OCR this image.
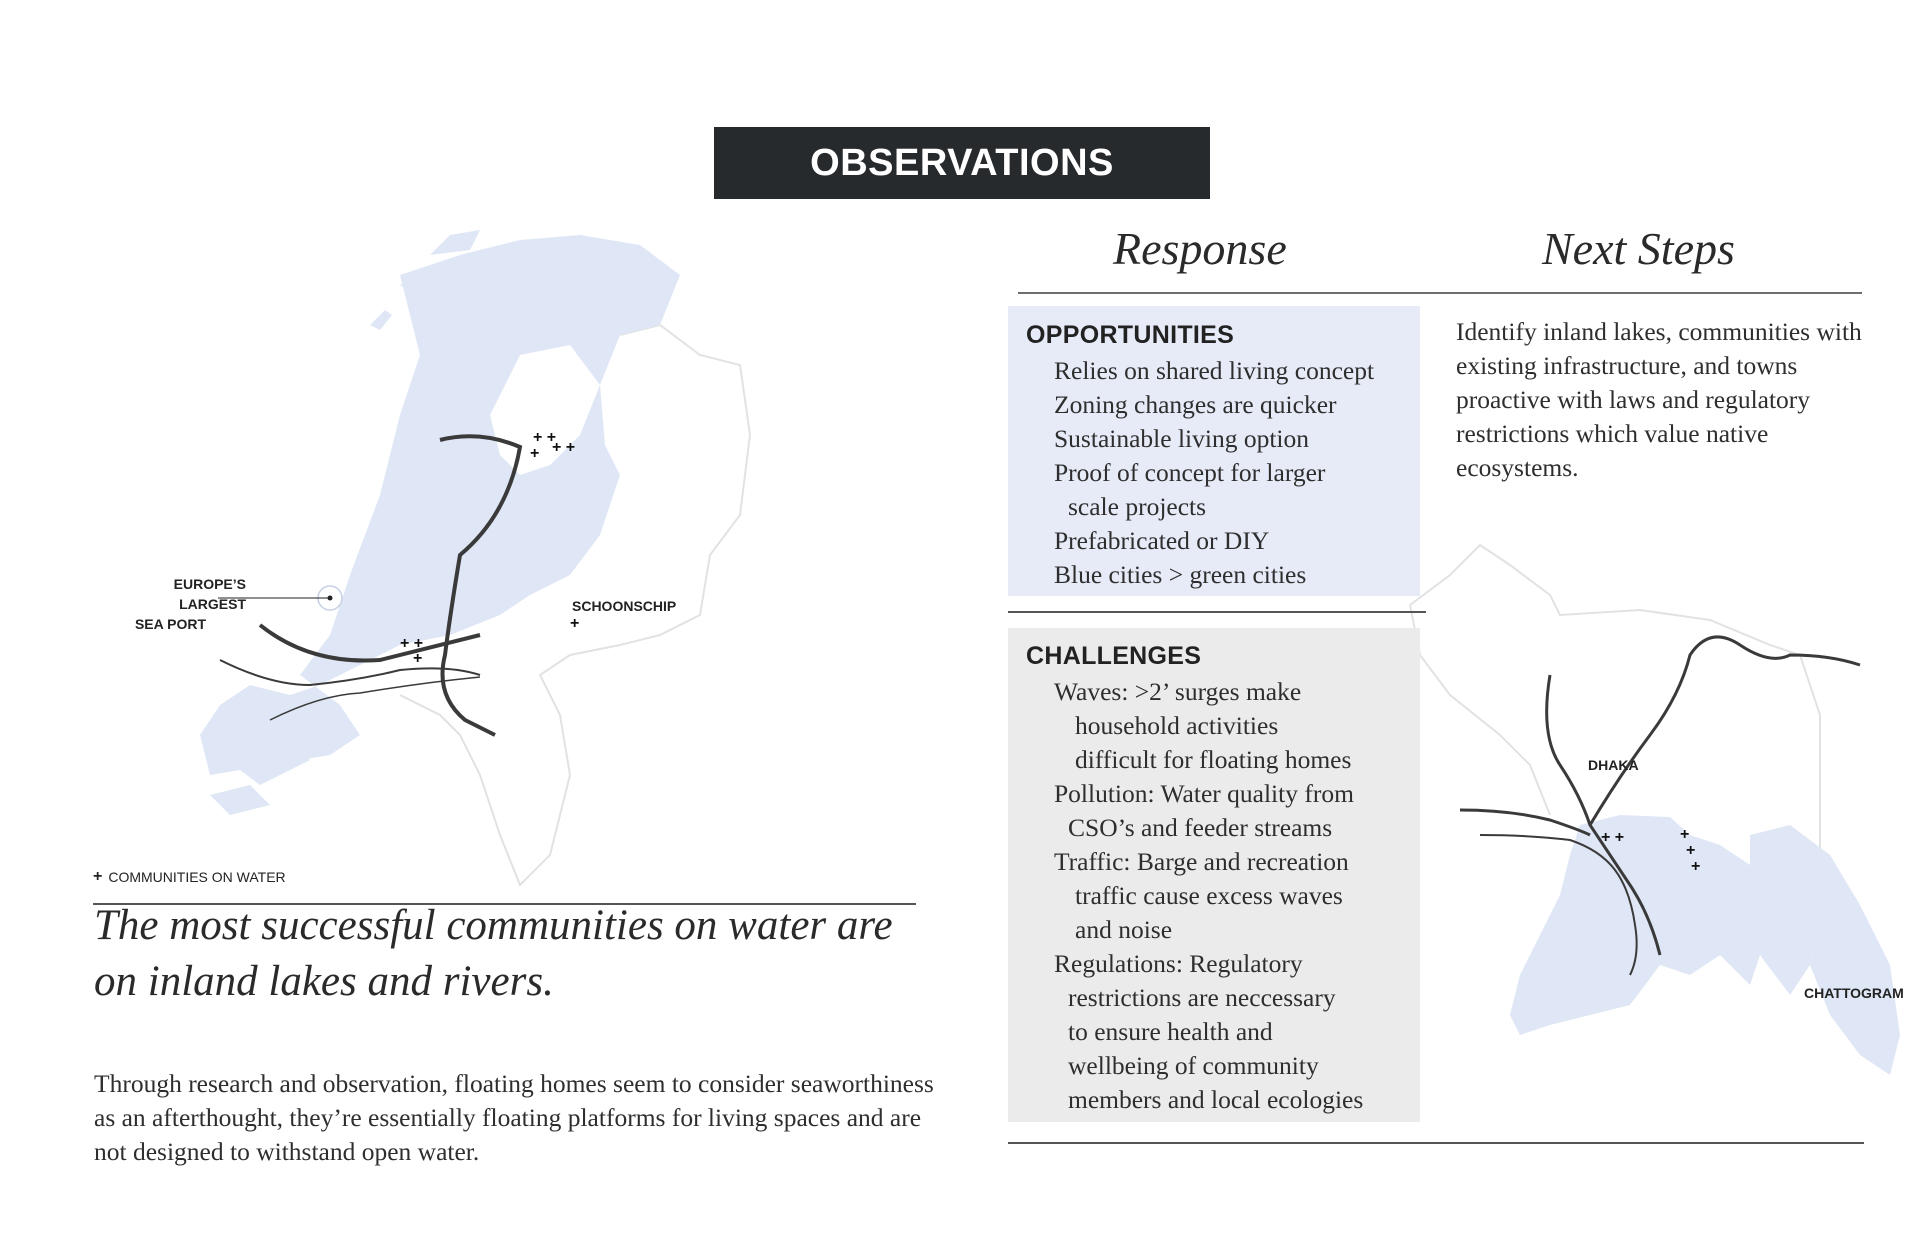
OBSERVATIONS
+ +
+ + +
+ +
+
+
EUROPE’S LARGEST
SEA PORT
SCHOONSCHIP
+ COMMUNITIES ON WATER
The most successful communities on water are on inland lakes and rivers.
Through research and observation, floating homes seem to consider seaworthiness as an afterthought, they’re essentially floating platforms for living spaces and are not designed to withstand open water.
Response	Next Steps
+ +	+
+
+
DHAKA
CHATTOGRAM
OPPORTUNITIES
Relies on shared living concept
Zoning changes are quicker
Sustainable living option
Proof of concept for larger
scale projects
Prefabricated or DIY
Blue cities > green cities
CHALLENGES
Waves: >2’ surges make
household activities
difficult for floating homes
Pollution: Water quality from
CSO’s and feeder streams
Traffic: Barge and recreation
traffic cause excess waves
and noise
Regulations: Regulatory
restrictions are neccessary
to ensure health and
wellbeing of community
members and local ecologies
Identify inland lakes, communities with existing infrastructure, and towns proactive with laws and regulatory restrictions which value native ecosystems.
